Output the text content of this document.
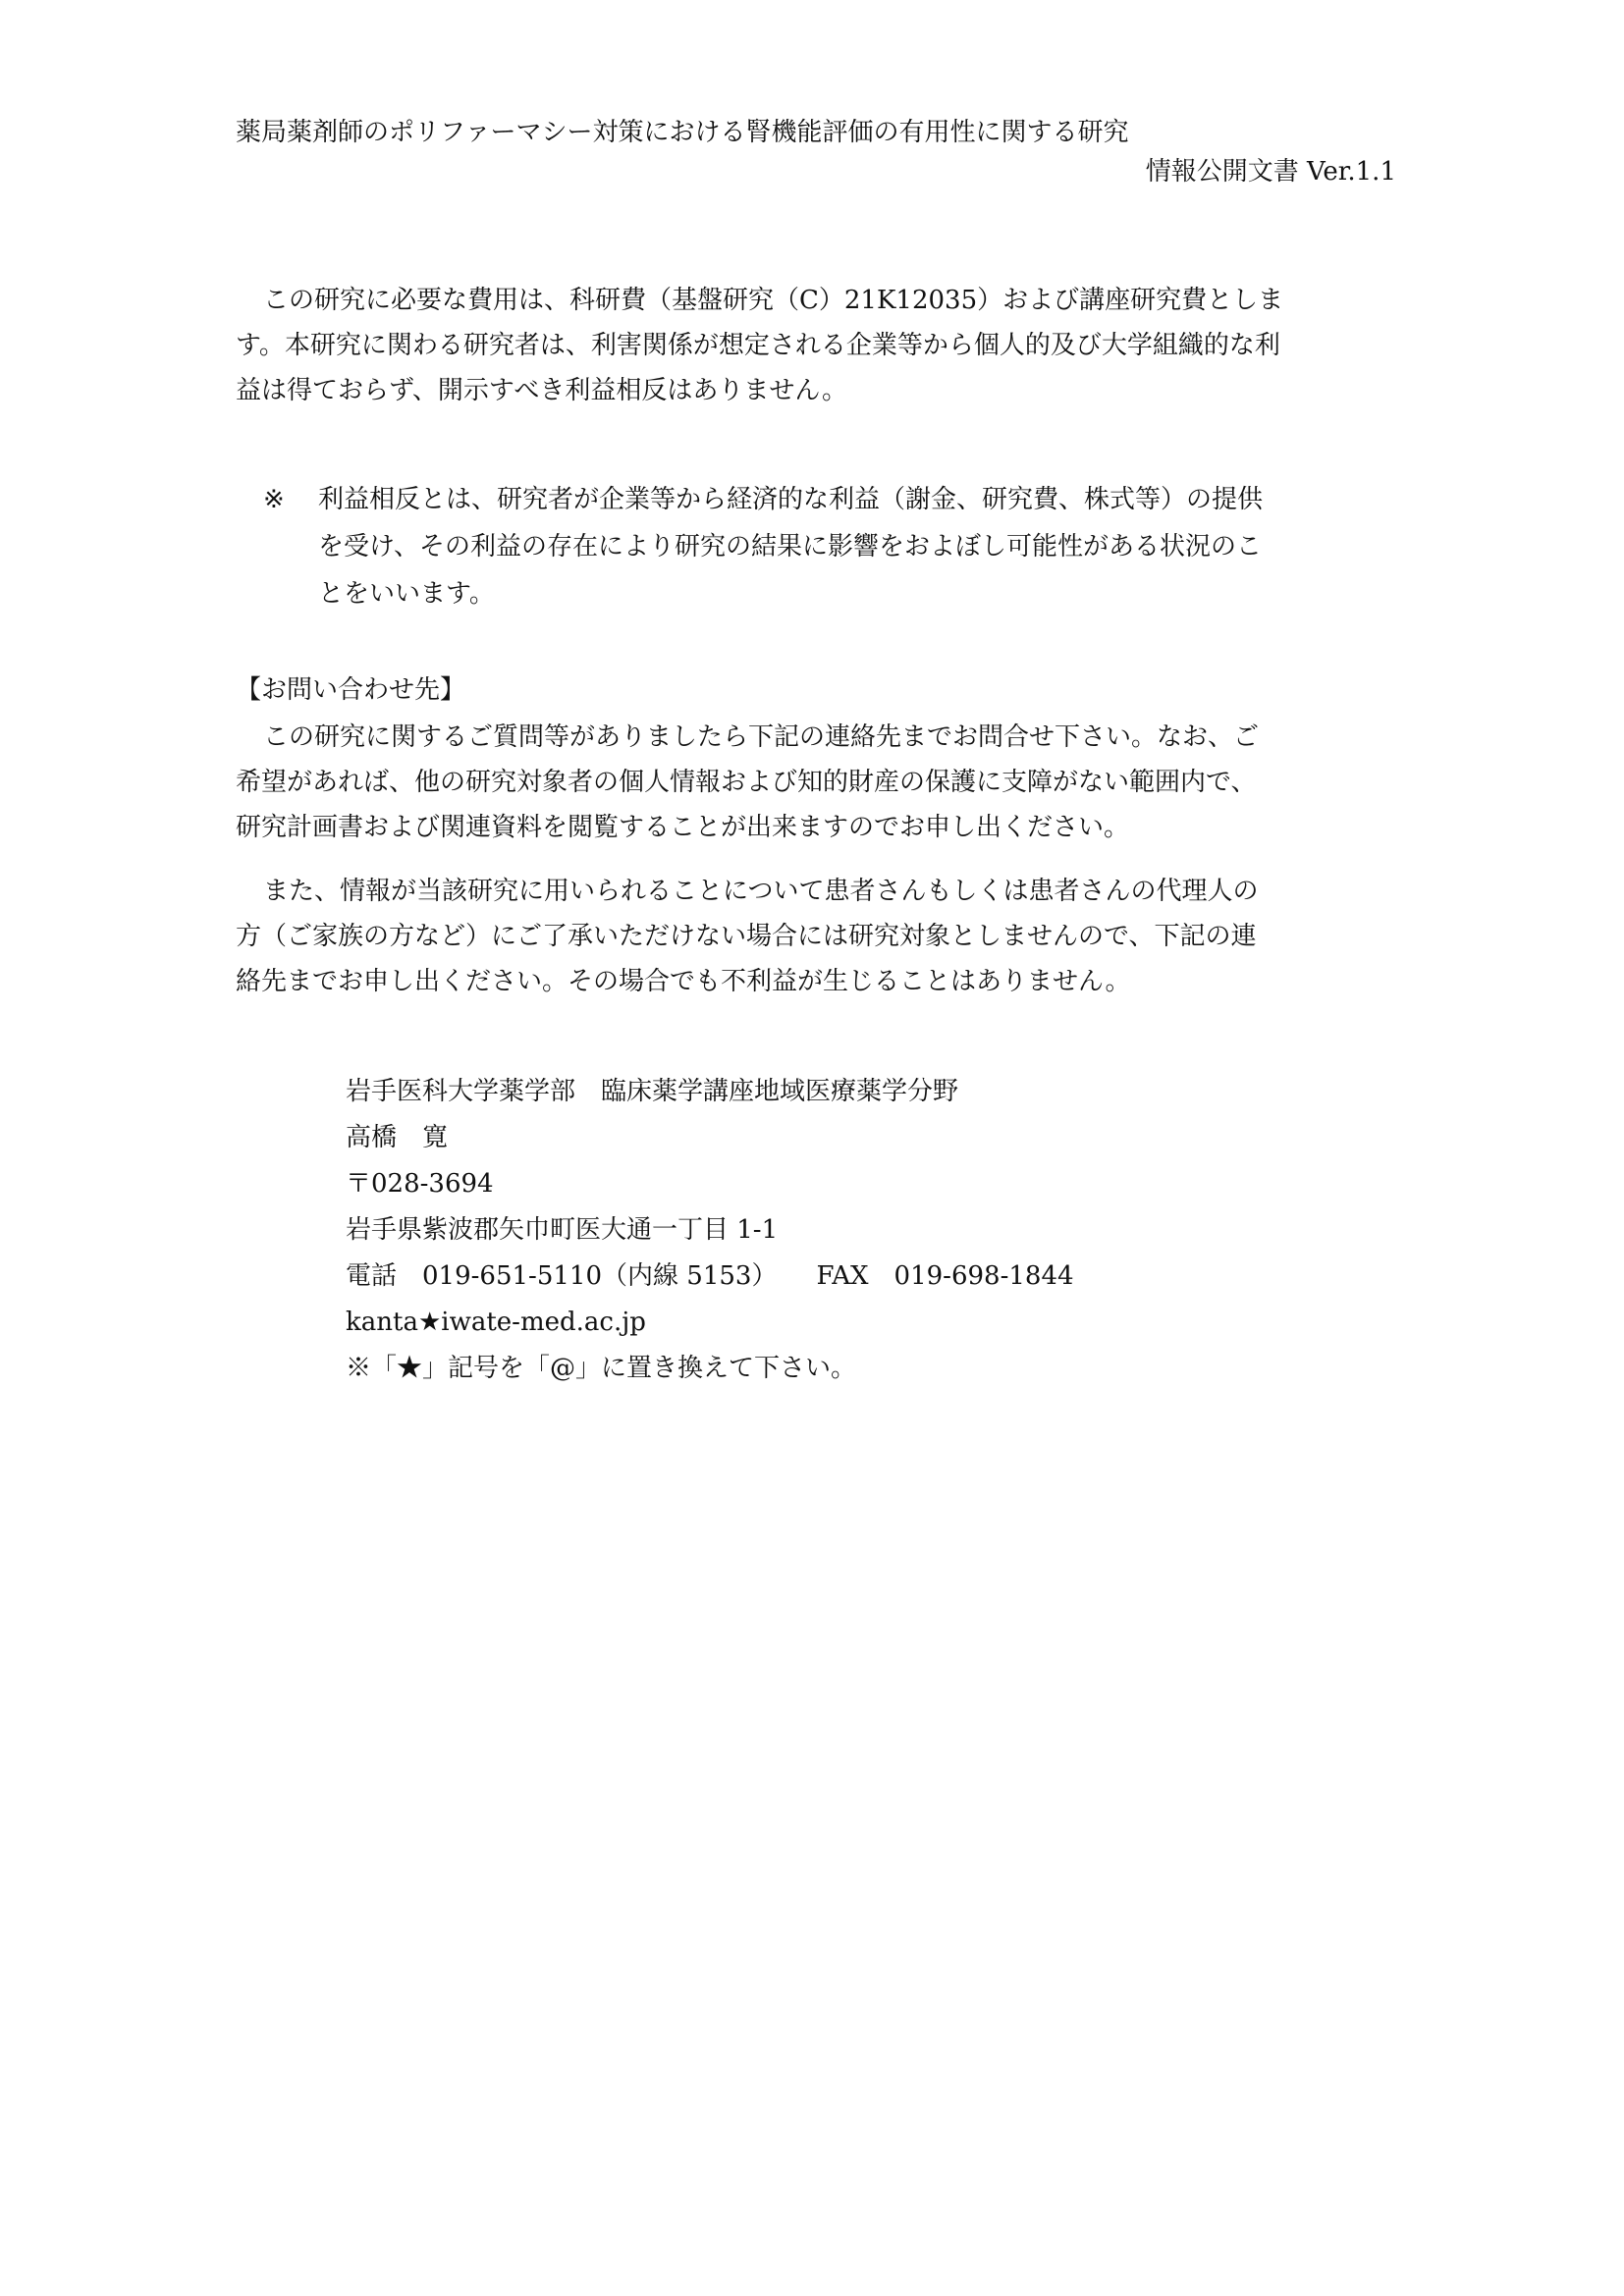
薬局薬剤師のポリファーマシー対策における腎機能評価の有用性に関する研究
情報公開文書 Ver.1.1
この研究に必要な費用は、科研費（基盤研究（C）21K12035）および講座研究費としま
す。本研究に関わる研究者は、利害関係が想定される企業等から個人的及び大学組織的な利
益は得ておらず、開示すべき利益相反はありません。
※ 利益相反とは、研究者が企業等から経済的な利益（謝金、研究費、株式等）の提供
を受け、その利益の存在により研究の結果に影響をおよぼし可能性がある状況のこ
とをいいます。
【お問い合わせ先】
この研究に関するご質問等がありましたら下記の連絡先までお問合せ下さい。なお、ご
希望があれば、他の研究対象者の個人情報および知的財産の保護に支障がない範囲内で、
研究計画書および関連資料を閲覧することが出来ますのでお申し出ください。
また、情報が当該研究に用いられることについて患者さんもしくは患者さんの代理人の
方（ご家族の方など）にご了承いただけない場合には研究対象としませんので、下記の連
絡先までお申し出ください。その場合でも不利益が生じることはありません。
岩手医科大学薬学部 臨床薬学講座地域医療薬学分野
高橋 寛
〒028-3694
岩手県紫波郡矢巾町医大通一丁目 1-1
電話 019-651-5110（内線 5153） FAX 019-698-1844
kanta★iwate-med.ac.jp
※「★」記号を「@」に置き換えて下さい。
